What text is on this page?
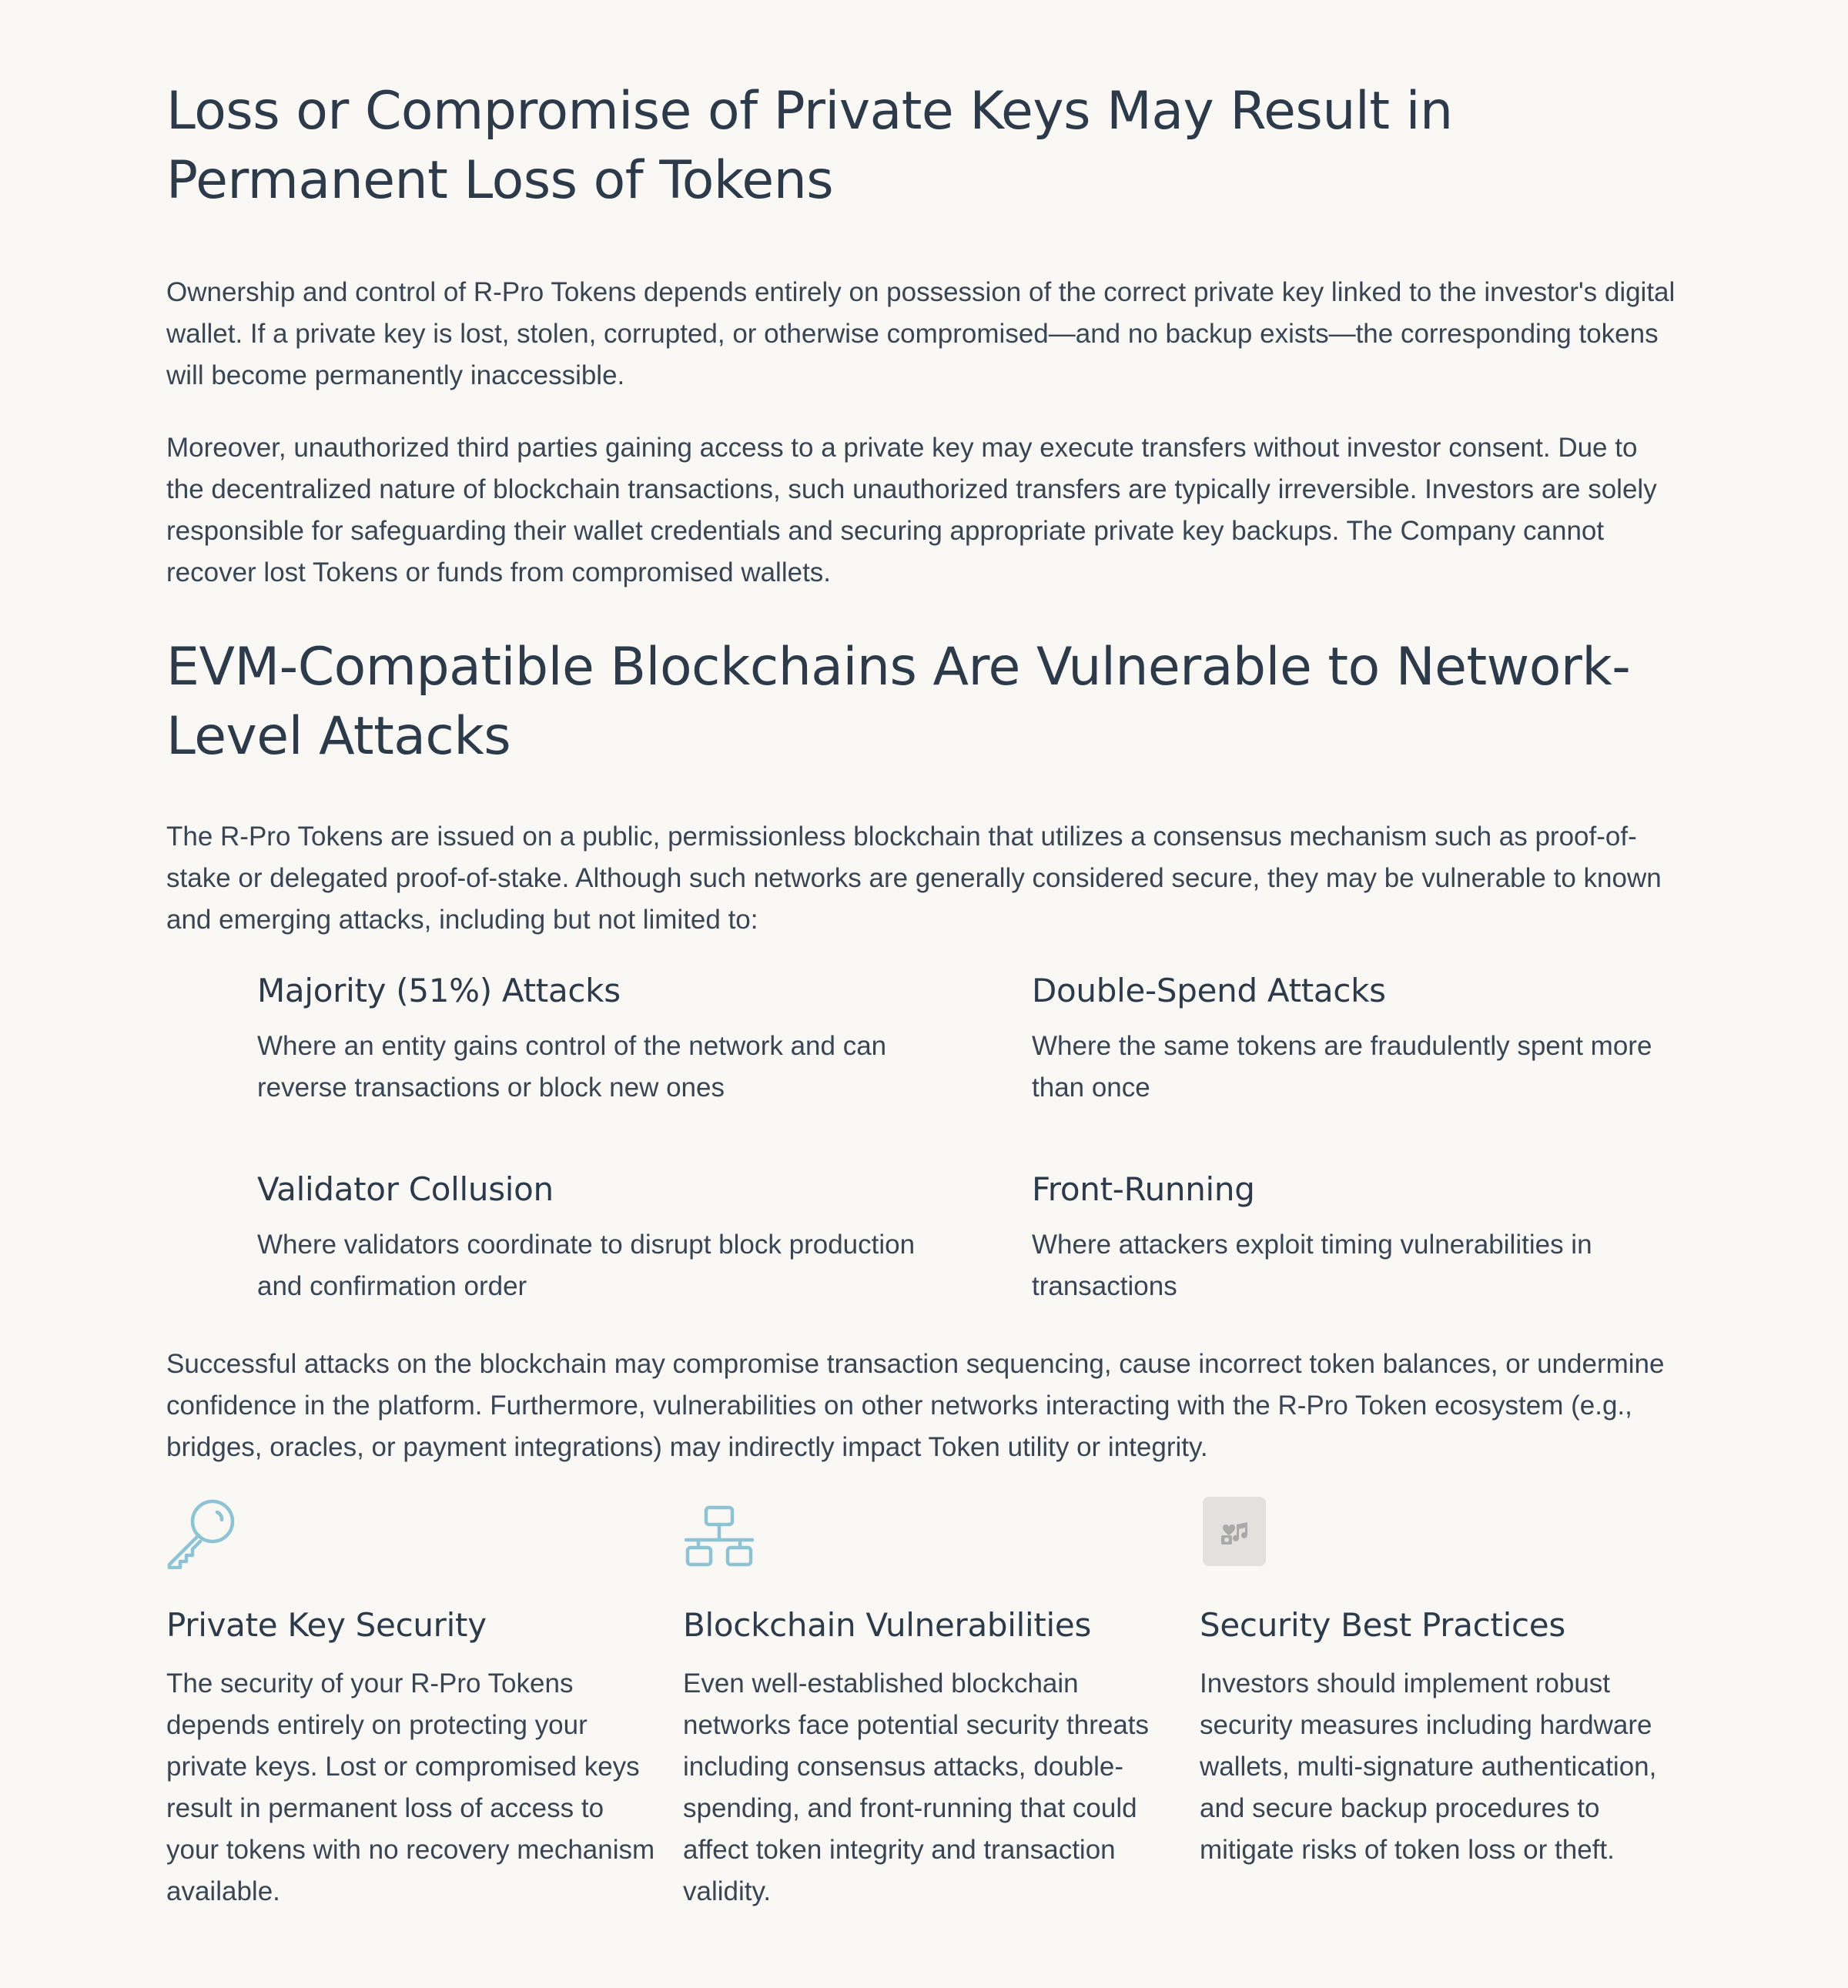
Loss or Compromise of Private Keys May Result in Permanent Loss of Tokens

Ownership and control of R-Pro Tokens depends entirely on possession of the correct private key linked to the investor's digital wallet. If a private key is lost, stolen, corrupted, or otherwise compromised—and no backup exists—the corresponding tokens will become permanently inaccessible.

Moreover, unauthorized third parties gaining access to a private key may execute transfers without investor consent. Due to the decentralized nature of blockchain transactions, such unauthorized transfers are typically irreversible. Investors are solely responsible for safeguarding their wallet credentials and securing appropriate private key backups. The Company cannot recover lost Tokens or funds from compromised wallets.

EVM-Compatible Blockchains Are Vulnerable to Network-Level Attacks

The R-Pro Tokens are issued on a public, permissionless blockchain that utilizes a consensus mechanism such as proof-of-stake or delegated proof-of-stake. Although such networks are generally considered secure, they may be vulnerable to known and emerging attacks, including but not limited to:

Majority (51%) Attacks

Where an entity gains control of the network and can reverse transactions or block new ones

Double-Spend Attacks

Where the same tokens are fraudulently spent more than once

Validator Collusion

Where validators coordinate to disrupt block production and confirmation order

Front-Running

Where attackers exploit timing vulnerabilities in transactions

Successful attacks on the blockchain may compromise transaction sequencing, cause incorrect token balances, or undermine confidence in the platform. Furthermore, vulnerabilities on other networks interacting with the R-Pro Token ecosystem (e.g., bridges, oracles, or payment integrations) may indirectly impact Token utility or integrity.

Private Key Security

The security of your R-Pro Tokens depends entirely on protecting your private keys. Lost or compromised keys result in permanent loss of access to your tokens with no recovery mechanism available.

Blockchain Vulnerabilities

Even well-established blockchain networks face potential security threats including consensus attacks, double-spending, and front-running that could affect token integrity and transaction validity.

Security Best Practices

Investors should implement robust security measures including hardware wallets, multi-signature authentication, and secure backup procedures to mitigate risks of token loss or theft.
